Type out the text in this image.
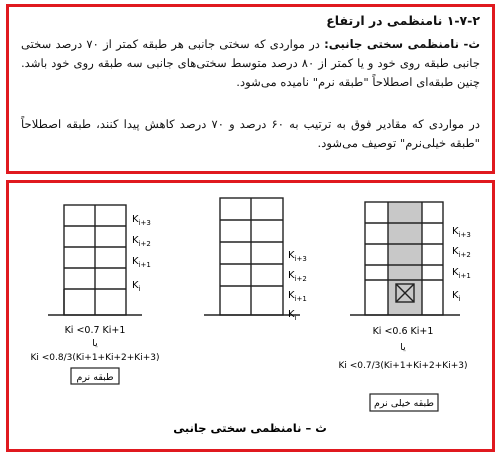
۱-۷-۲ نامنظمی در ارتفاع
ث- نامنظمی سختی جانبی: در مواردی که سختی جانبی هر طبقه کمتر از ۷۰ درصد سختی جانبی طبقه روی خود و یا کمتر از ۸۰ درصد متوسط سختی‌های جانبی سه طبقه روی خود باشد. چنین طبقه‌ای اصطلاحاً "طبقه نرم" نامیده می‌شود.
در مواردی که مقادیر فوق به ترتیب به ۶۰ درصد و ۷۰ درصد کاهش پیدا کنند، طبقه اصطلاحاً "طبقه خیلی‌نرم" توصیف می‌شود.
$K_{i+3}$
$K_{i+2}$
$K_{i+1}$
$K_i$
Ki <0.7 Ki+1
یا
Ki <0.8/3(Ki+1+Ki+2+Ki+3)
طبقه نرم
$K_{i+3}$
$K_{i+2}$
$K_{i+1}$
$K_i$
$K_{i+3}$
$K_{i+2}$
$K_{i+1}$
$K_i$
Ki <0.6 Ki+1
یا
Ki <0.7/3(Ki+1+Ki+2+Ki+3)
طبقه خیلی نرم
ث – نامنظمی سختی جانبی
